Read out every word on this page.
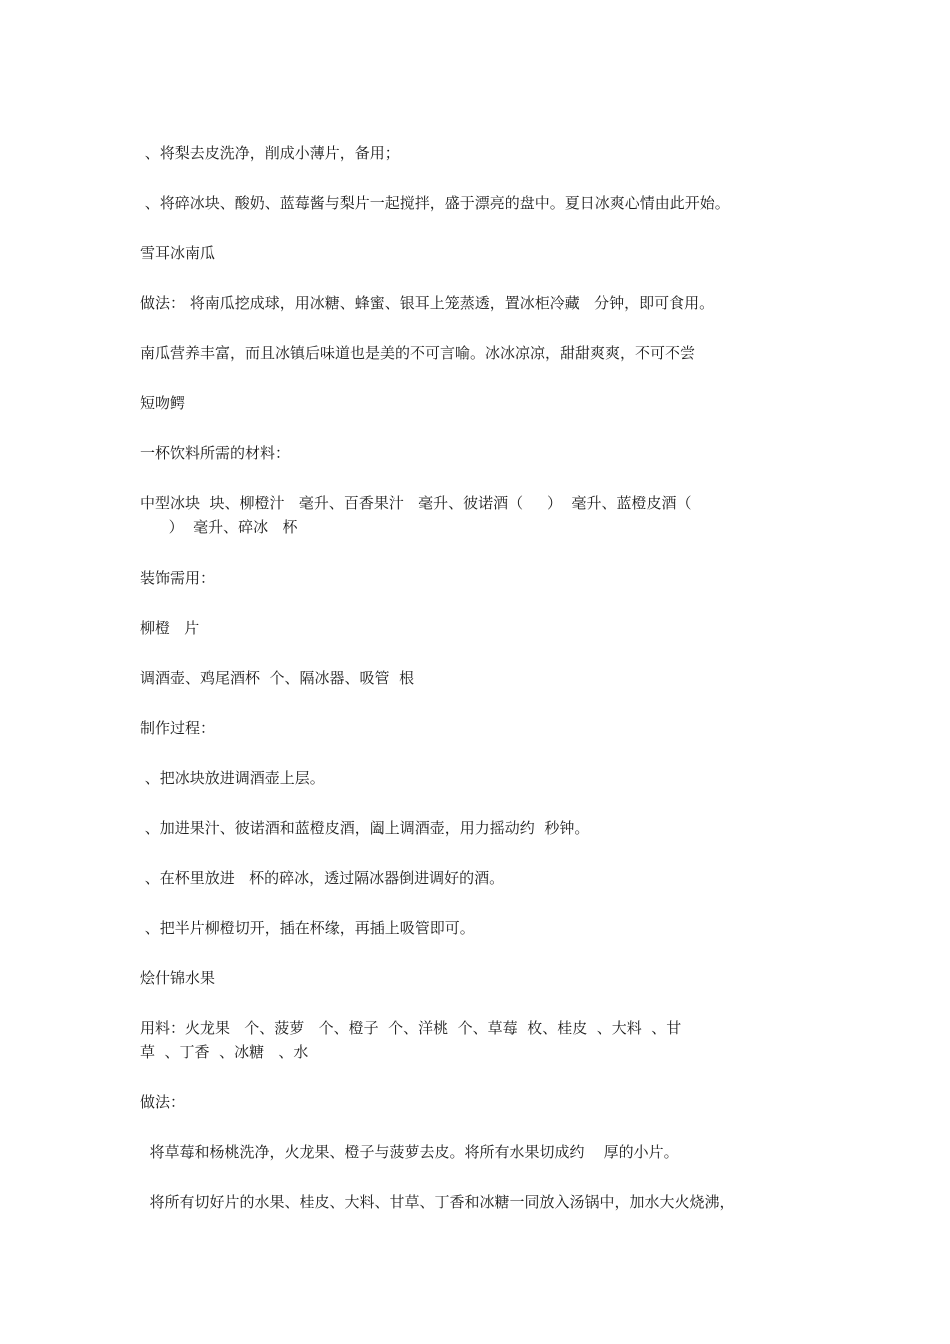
、将梨去皮洗净，削成小薄片，备用；

、将碎冰块、酸奶、蓝莓酱与梨片一起搅拌，盛于漂亮的盘中。夏日冰爽心情由此开始。

雪耳冰南瓜

做法： 将南瓜挖成球，用冰糖、蜂蜜、银耳上笼蒸透，置冰柜冷藏   分钟，即可食用。

南瓜营养丰富，而且冰镇后味道也是美的不可言喻。冰冰凉凉，甜甜爽爽，不可不尝

短吻鳄

一杯饮料所需的材料：

中型冰块  块、柳橙汁   毫升、百香果汁   毫升、彼诺酒（     ）  毫升、蓝橙皮酒（
）  毫升、碎冰   杯

装饰需用：

柳橙   片

调酒壶、鸡尾酒杯  个、隔冰器、吸管  根

制作过程：

、把冰块放进调酒壶上层。

、加进果汁、彼诺酒和蓝橙皮酒，阖上调酒壶，用力摇动约  秒钟。

、在杯里放进   杯的碎冰，透过隔冰器倒进调好的酒。

、把半片柳橙切开，插在杯缘，再插上吸管即可。

烩什锦水果

用料：火龙果   个、菠萝   个、橙子  个、洋桃  个、草莓  枚、桂皮  、大料  、甘
草  、丁香  、冰糖   、水

做法：

将草莓和杨桃洗净，火龙果、橙子与菠萝去皮。将所有水果切成约    厚的小片。

将所有切好片的水果、桂皮、大料、甘草、丁香和冰糖一同放入汤锅中，加水大火烧沸，
